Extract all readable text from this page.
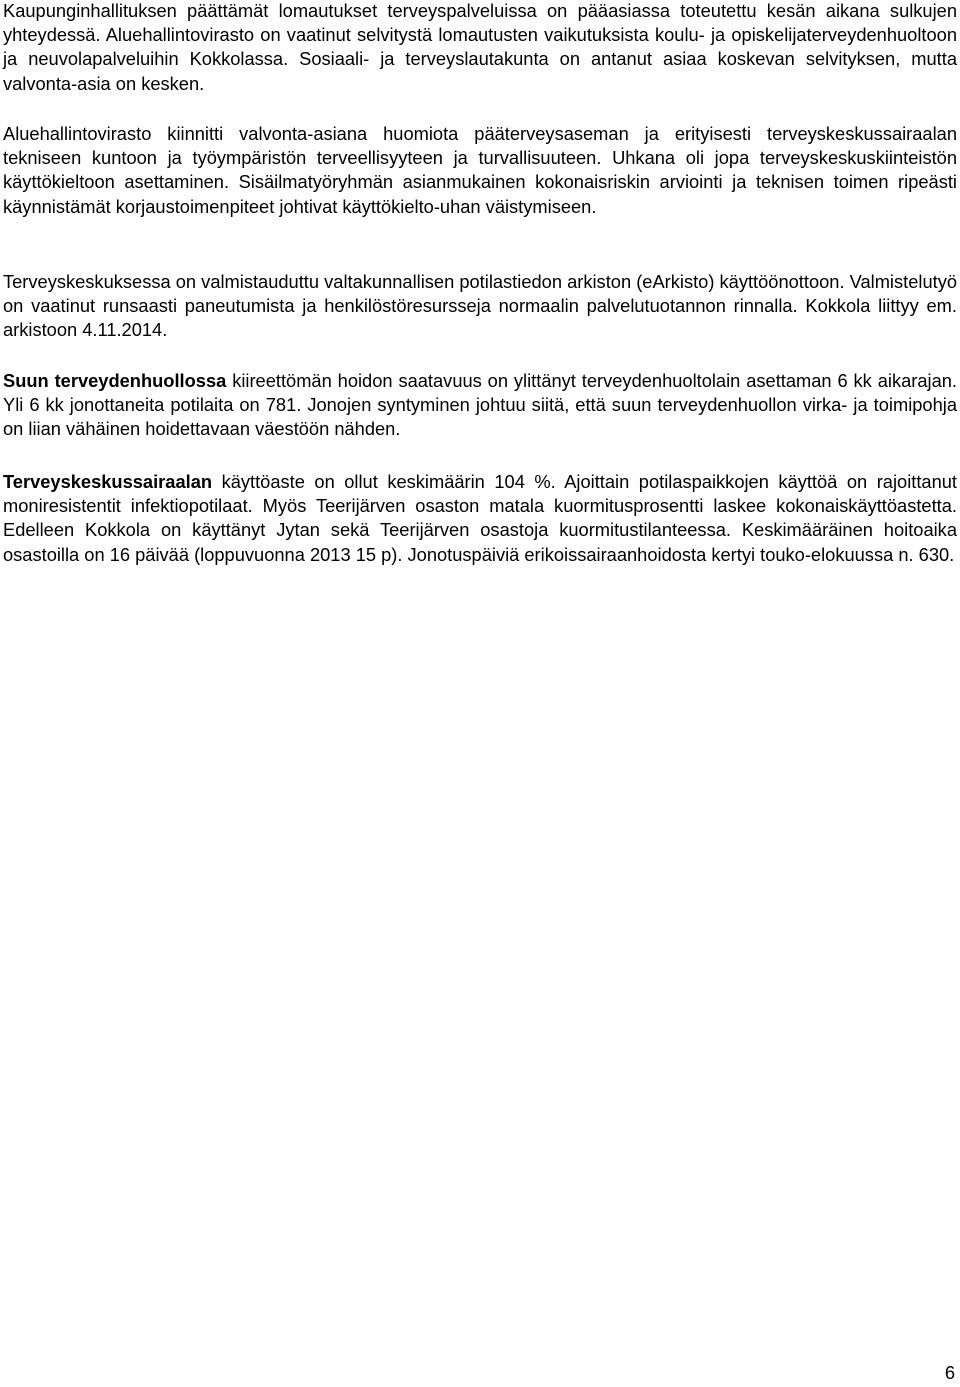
Kaupunginhallituksen päättämät lomautukset terveyspalveluissa on pääasiassa toteutettu kesän aikana sulkujen yhteydessä. Aluehallintovirasto on vaatinut selvitystä lomautusten vaikutuksista koulu- ja opiskelijaterveydenhuoltoon ja neuvolapalveluihin Kokkolassa. Sosiaali- ja terveyslautakunta on antanut asiaa koskevan selvityksen, mutta valvonta-asia on kesken.

Aluehallintovirasto kiinnitti valvonta-asiana huomiota pääterveysaseman ja erityisesti terveyskeskussairaalan tekniseen kuntoon ja työympäristön terveellisyyteen ja turvallisuuteen. Uhkana oli jopa terveyskeskuskiinteistön käyttökieltoon asettaminen. Sisäilmatyöryhmän asianmukainen kokonaisriskin arviointi ja teknisen toimen ripeästi käynnistämät korjaustoimenpiteet johtivat käyttökielto-uhan väistymiseen.

Terveyskeskuksessa on valmistauduttu valtakunnallisen potilastiedon arkiston (eArkisto) käyttöönottoon. Valmistelutyö on vaatinut runsaasti paneutumista ja henkilöstöresursseja normaalin palvelutuotannon rinnalla. Kokkola liittyy em. arkistoon 4.11.2014.

Suun terveydenhuollossa kiireettömän hoidon saatavuus on ylittänyt terveydenhuoltolain asettaman 6 kk aikarajan. Yli 6 kk jonottaneita potilaita on 781. Jonojen syntyminen johtuu siitä, että suun terveydenhuollon virka- ja toimipohja on liian vähäinen hoidettavaan väestöön nähden.

Terveyskeskussairaalan käyttöaste on ollut keskimäärin 104 %. Ajoittain potilaspaikkojen käyttöä on rajoittanut moniresistentit infektiopotilaat. Myös Teerijärven osaston matala kuormitusprosentti laskee kokonaiskäyttöastetta. Edelleen Kokkola on käyttänyt Jytan sekä Teerijärven osastoja kuormitustilanteessa. Keskimääräinen hoitoaika osastoilla on 16 päivää (loppuvuonna 2013 15 p). Jonotuspäiviä erikoissairaanhoidosta kertyi touko-elokuussa n. 630.

6
